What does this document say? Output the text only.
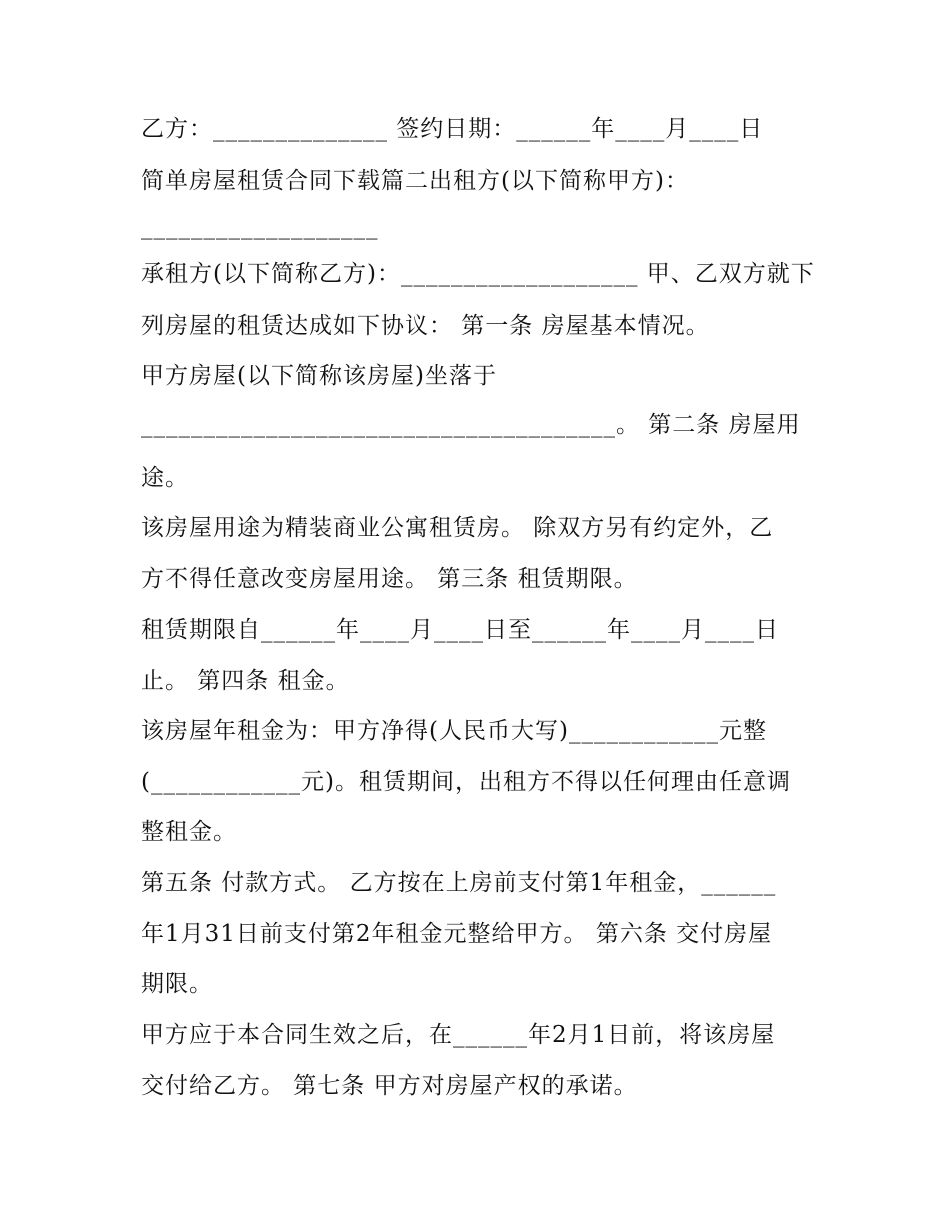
乙方：______________ 签约日期：______年____月____日
简单房屋租赁合同下载篇二出租方(以下简称甲方)：
___________________
承租方(以下简称乙方)：___________________ 甲、乙双方就下
列房屋的租赁达成如下协议： 第一条 房屋基本情况。
甲方房屋(以下简称该房屋)坐落于
______________________________________。 第二条 房屋用
途。
该房屋用途为精装商业公寓租赁房。 除双方另有约定外，乙
方不得任意改变房屋用途。 第三条 租赁期限。
租赁期限自______年____月____日至______年____月____日
止。 第四条 租金。
该房屋年租金为：甲方净得(人民币大写)____________元整
(____________元)。租赁期间，出租方不得以任何理由任意调
整租金。
第五条 付款方式。 乙方按在上房前支付第1年租金，______
年1月31日前支付第2年租金元整给甲方。 第六条 交付房屋
期限。
甲方应于本合同生效之后，在______年2月1日前，将该房屋
交付给乙方。 第七条 甲方对房屋产权的承诺。
